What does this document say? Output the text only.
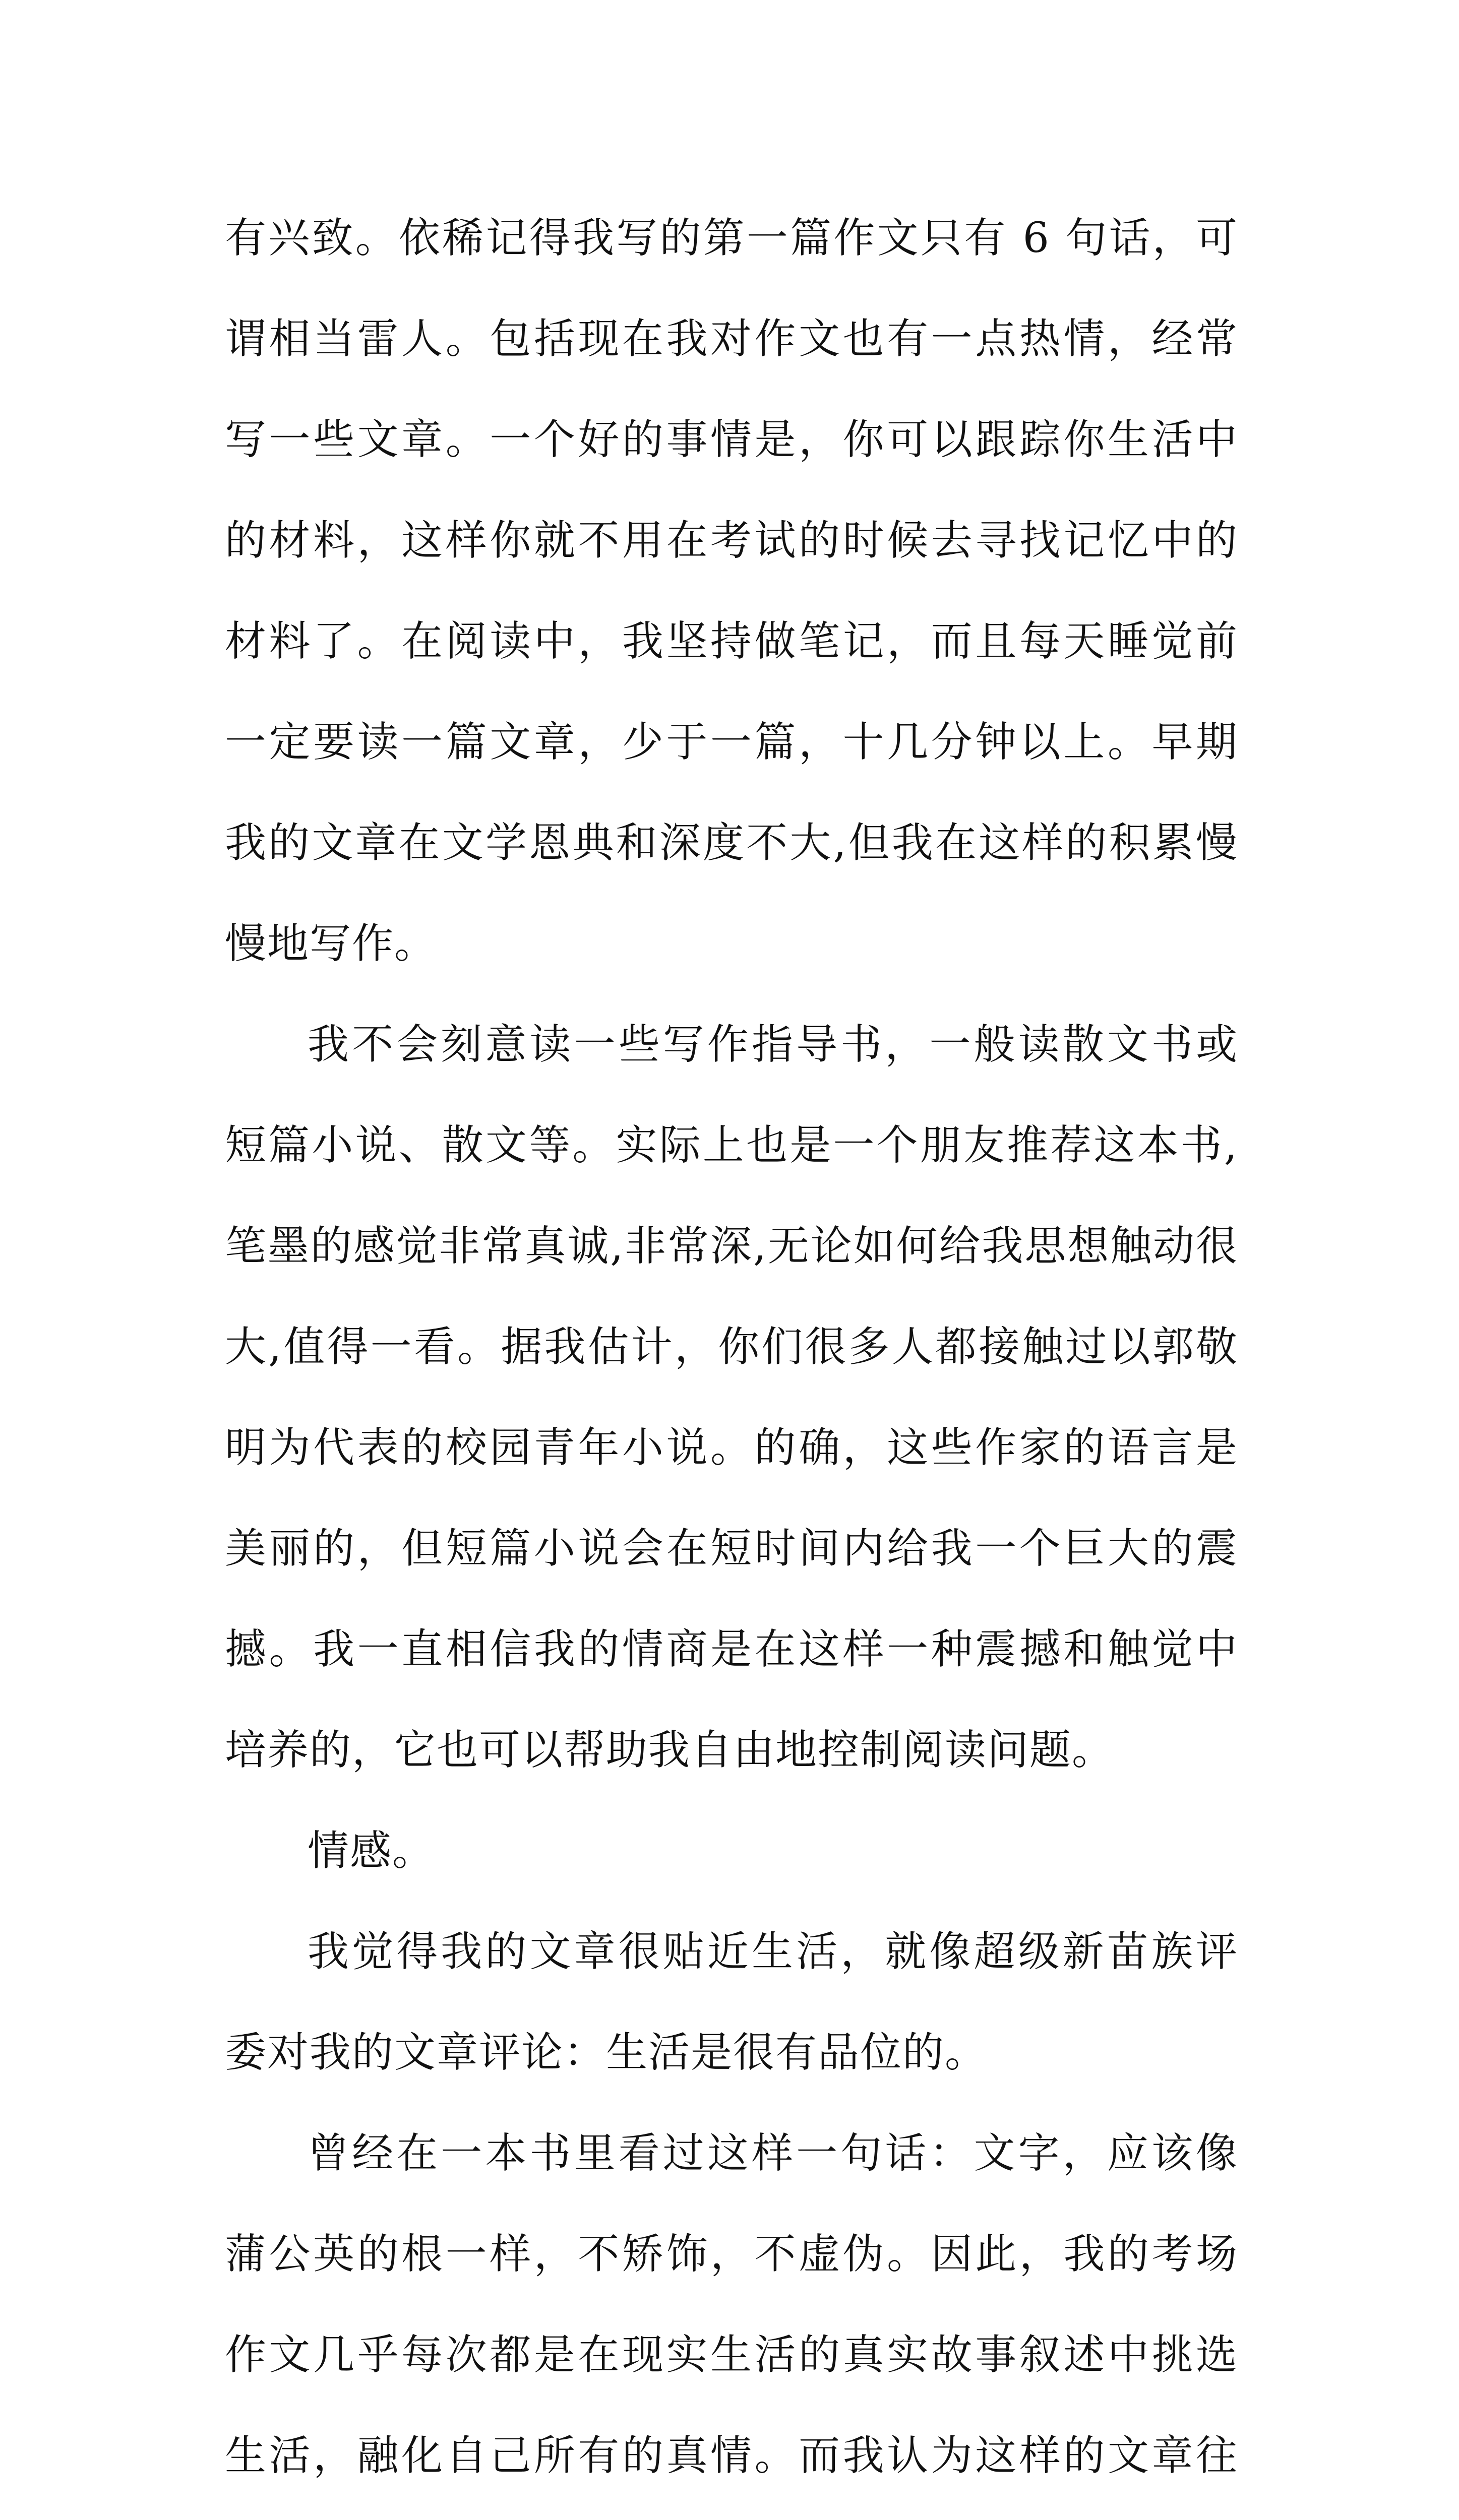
有兴致。依稀记得我写的第一篇作文只有 6 句话，可谓相当雷人。包括现在我对作文也有一点热情，经常写一些文章。一个好的事情是，你可以跟踪你生活中的材料，这样你就不用在考试的时候去寻找记忆中的材料了。在阅读中，我坚持做笔记，而且每天睡觉前一定要读一篇文章，少于一篇，十几分钟以上。早期我的文章在文学恩典和深度不大,但我在这样的积累慢慢地写作。

我不会刻意读一些写作指导书，一般读散文书或短篇小说、散文等。实际上也是一个朋友推荐这本书,笔墨的感觉非常真诚,非常深,无论如何给我思想触动很大,值得一看。据我估计，你们很多人都接触过以郭敬明为代表的校园青年小说。的确，这些作家的语言是美丽的，但短篇小说会在短时间内给我一个巨大的震撼。我一直相信我的情商是在这样一种震撼和触觉中培养的，它也可以帮助我自由地控制阅读问题。

情感。

我觉得我的文章很贴近生活，就像超级新苗族评委对我的文章评论：生活是很有品位的。

曾经在一本书里看过这样一句话：文字，应该像蒲公英的根一样，不矫饰，不虚伪。因此，我的考场作文几乎每次都是在现实生活的真实故事叙述中挑选生活，融化自己所有的真情。而我认为这样的文章往
